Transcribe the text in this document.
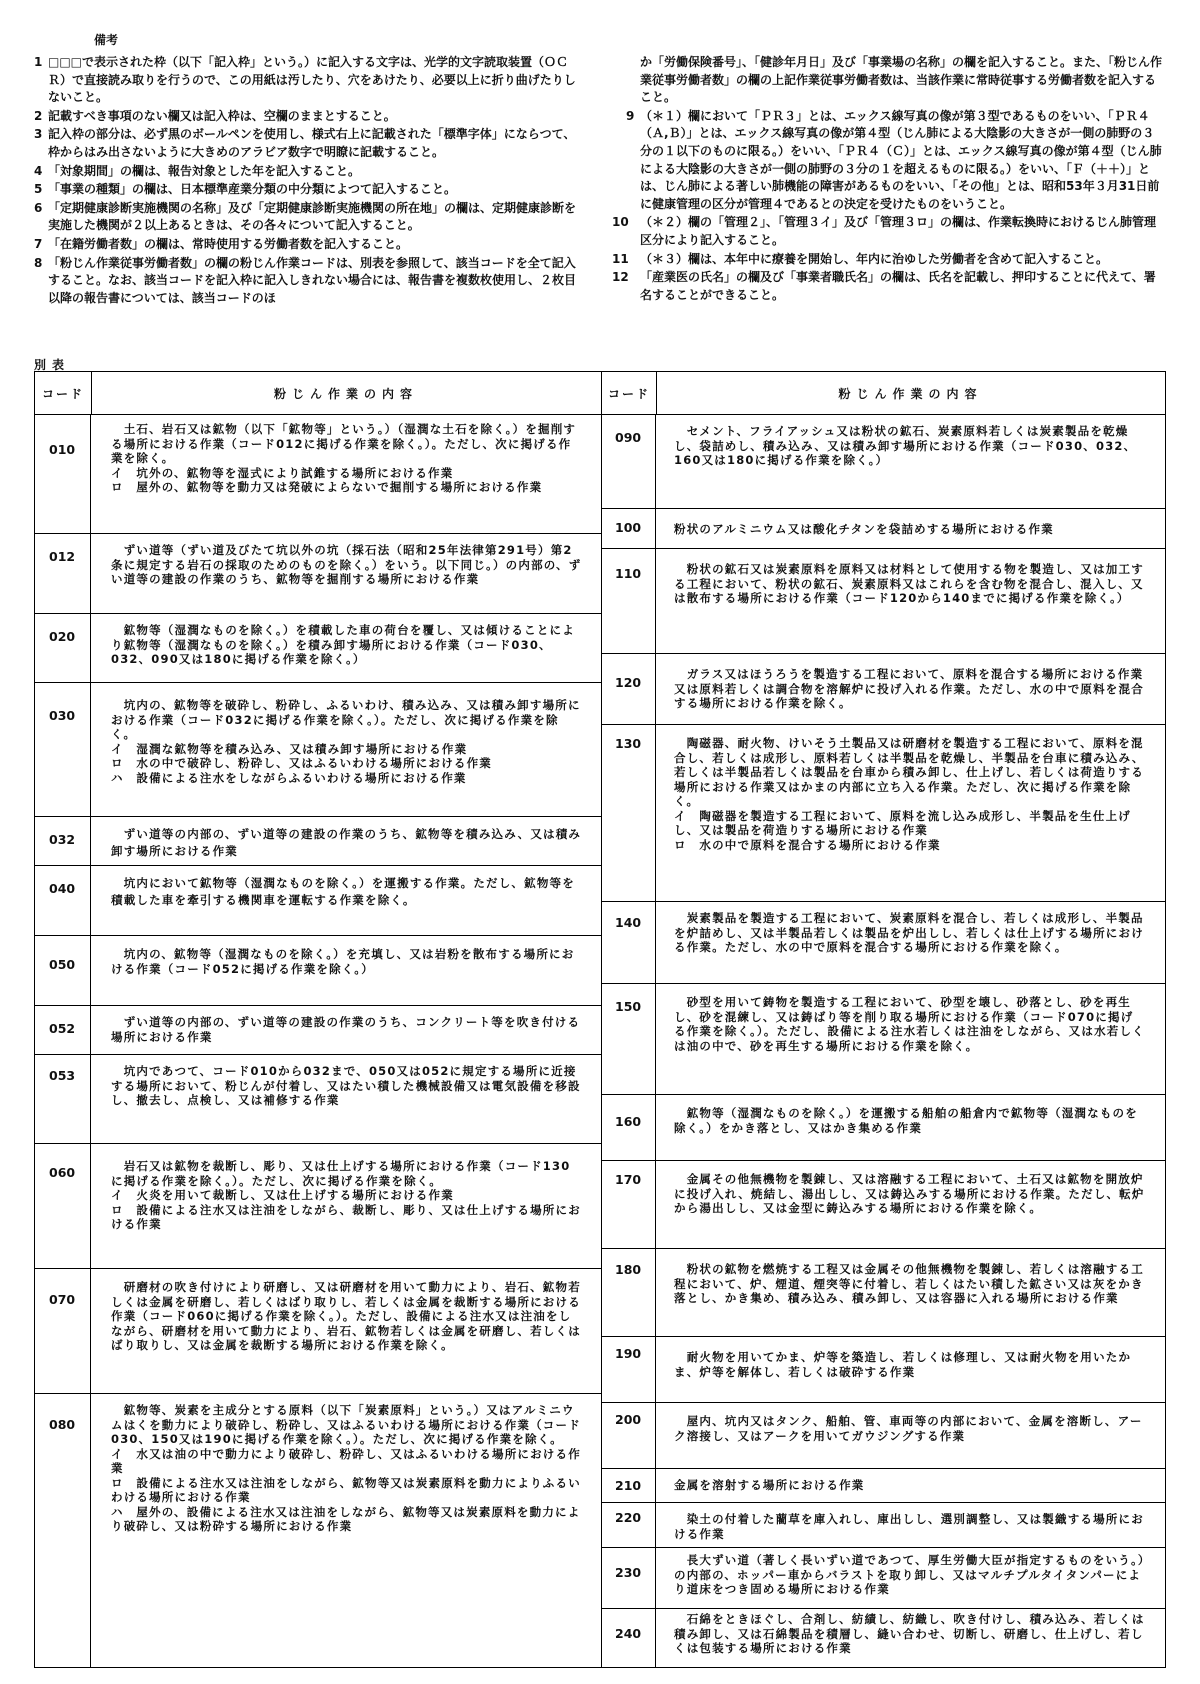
備考
1 □□□で表示された枠（以下「記入枠」という。）に記入する文字は、光学的文字読取装置（ＯＣＲ）で直接読み取りを行うので、この用紙は汚したり、穴をあけたり、必要以上に折り曲げたりしないこと。
2 記載すべき事項のない欄又は記入枠は、空欄のままとすること。
3 記入枠の部分は、必ず黒のボールペンを使用し、様式右上に記載された「標準字体」にならつて、枠からはみ出さないように大きめのアラビア数字で明瞭に記載すること。
4 「対象期間」の欄は、報告対象とした年を記入すること。
5 「事業の種類」の欄は、日本標準産業分類の中分類によつて記入すること。
6 「定期健康診断実施機関の名称」及び「定期健康診断実施機関の所在地」の欄は、定期健康診断を実施した機関が２以上あるときは、その各々について記入すること。
7 「在籍労働者数」の欄は、常時使用する労働者数を記入すること。
8 「粉じん作業従事労働者数」の欄の粉じん作業コードは、別表を参照して、該当コードを全て記入すること。なお、該当コードを記入枠に記入しきれない場合には、報告書を複数枚使用し、２枚目以降の報告書については、該当コードのほ
か「労働保険番号」、「健診年月日」及び「事業場の名称」の欄を記入すること。また、「粉じん作業従事労働者数」の欄の上記作業従事労働者数は、当該作業に常時従事する労働者数を記入すること。
9 （＊１）欄において「ＰＲ３」とは、エックス線写真の像が第３型であるものをいい、「ＰＲ４（Ａ,Ｂ）」とは、エックス線写真の像が第４型（じん肺による大陰影の大きさが一側の肺野の３分の１以下のものに限る。）をいい、「ＰＲ４（Ｃ）」とは、エックス線写真の像が第４型（じん肺による大陰影の大きさが一側の肺野の３分の１を超えるものに限る。）をいい、「Ｆ（＋＋）」とは、じん肺による著しい肺機能の障害があるものをいい、「その他」とは、昭和53年３月31日前に健康管理の区分が管理４であるとの決定を受けたものをいうこと。
10 （＊２）欄の「管理２」、「管理３イ」及び「管理３ロ」の欄は、作業転換時におけるじん肺管理区分により記入すること。
11 （＊３）欄は、本年中に療養を開始し、年内に治ゆした労働者を含めて記入すること。
12 「産業医の氏名」の欄及び「事業者職氏名」の欄は、氏名を記載し、押印することに代えて、署名することができること。
別表
コード	粉じん作業の内容
010
　土石、岩石又は鉱物（以下「鉱物等」という。）（湿潤な土石を除く。）を掘削する場所における作業（コード012に掲げる作業を除く。）。ただし、次に掲げる作業を除く。
イ　坑外の、鉱物等を湿式により試錐する場所における作業
ロ　屋外の、鉱物等を動力又は発破によらないで掘削する場所における作業
012	　ずい道等（ずい道及びたて坑以外の坑（採石法（昭和25年法律第291号）第2条に規定する岩石の採取のためのものを除く。）をいう。以下同じ。）の内部の、ずい道等の建設の作業のうち、鉱物等を掘削する場所における作業
020	　鉱物等（湿潤なものを除く。）を積載した車の荷台を覆し、又は傾けることにより鉱物等（湿潤なものを除く。）を積み卸す場所における作業（コード030、032、090又は180に掲げる作業を除く。）
030
　坑内の、鉱物等を破砕し、粉砕し、ふるいわけ、積み込み、又は積み卸す場所における作業（コード032に掲げる作業を除く。）。ただし、次に掲げる作業を除く。
イ　湿潤な鉱物等を積み込み、又は積み卸す場所における作業
ロ　水の中で破砕し、粉砕し、又はふるいわける場所における作業
ハ　設備による注水をしながらふるいわける場所における作業
032	　ずい道等の内部の、ずい道等の建設の作業のうち、鉱物等を積み込み、又は積み卸す場所における作業
040	　坑内において鉱物等（湿潤なものを除く。）を運搬する作業。ただし、鉱物等を積載した車を牽引する機関車を運転する作業を除く。
050
　坑内の、鉱物等（湿潤なものを除く。）を充填し、又は岩粉を散布する場所における作業（コード052に掲げる作業を除く。）
052	　ずい道等の内部の、ずい道等の建設の作業のうち、コンクリート等を吹き付ける場所における作業
053	　坑内であつて、コード010から032まで、050又は052に規定する場所に近接する場所において、粉じんが付着し、又はたい積した機械設備又は電気設備を移設し、撤去し、点検し、又は補修する作業
060	　岩石又は鉱物を裁断し、彫り、又は仕上げする場所における作業（コード130に掲げる作業を除く。）。ただし、次に掲げる作業を除く。
イ　火炎を用いて裁断し、又は仕上げする場所における作業
ロ　設備による注水又は注油をしながら、裁断し、彫り、又は仕上げする場所における作業
070
　研磨材の吹き付けにより研磨し、又は研磨材を用いて動力により、岩石、鉱物若しくは金属を研磨し、若しくはばり取りし、若しくは金属を裁断する場所における作業（コード060に掲げる作業を除く。）。ただし、設備による注水又は注油をしながら、研磨材を用いて動力により、岩石、鉱物若しくは金属を研磨し、若しくはばり取りし、又は金属を裁断する場所における作業を除く。
080
　鉱物等、炭素を主成分とする原料（以下「炭素原料」という。）又はアルミニウムはくを動力により破砕し、粉砕し、又はふるいわける場所における作業（コード030、150又は190に掲げる作業を除く。）。ただし、次に掲げる作業を除く。
イ　水又は油の中で動力により破砕し、粉砕し、又はふるいわける場所における作業
ロ　設備による注水又は注油をしながら、鉱物等又は炭素原料を動力によりふるいわける場所における作業
ハ　屋外の、設備による注水又は注油をしながら、鉱物等又は炭素原料を動力により破砕し、又は粉砕する場所における作業
コード	粉じん作業の内容
090	　セメント、フライアッシュ又は粉状の鉱石、炭素原料若しくは炭素製品を乾燥し、袋詰めし、積み込み、又は積み卸す場所における作業（コード030、032、160又は180に掲げる作業を除く。）
100	粉状のアルミニウム又は酸化チタンを袋詰めする場所における作業
110	　粉状の鉱石又は炭素原料を原料又は材料として使用する物を製造し、又は加工する工程において、粉状の鉱石、炭素原料又はこれらを含む物を混合し、混入し、又は散布する場所における作業（コード120から140までに掲げる作業を除く。）
120
　ガラス又はほうろうを製造する工程において、原料を混合する場所における作業又は原料若しくは調合物を溶解炉に投げ入れる作業。ただし、水の中で原料を混合する場所における作業を除く。
130	　陶磁器、耐火物、けいそう土製品又は研磨材を製造する工程において、原料を混合し、若しくは成形し、原料若しくは半製品を乾燥し、半製品を台車に積み込み、若しくは半製品若しくは製品を台車から積み卸し、仕上げし、若しくは荷造りする場所における作業又はかまの内部に立ち入る作業。ただし、次に掲げる作業を除く。
イ　陶磁器を製造する工程において、原料を流し込み成形し、半製品を生仕上げし、又は製品を荷造りする場所における作業
ロ　水の中で原料を混合する場所における作業
140	　炭素製品を製造する工程において、炭素原料を混合し、若しくは成形し、半製品を炉詰めし、又は半製品若しくは製品を炉出しし、若しくは仕上げする場所における作業。ただし、水の中で原料を混合する場所における作業を除く。
150	　砂型を用いて鋳物を製造する工程において、砂型を壊し、砂落とし、砂を再生し、砂を混練し、又は鋳ばり等を削り取る場所における作業（コード070に掲げる作業を除く。）。ただし、設備による注水若しくは注油をしながら、又は水若しくは油の中で、砂を再生する場所における作業を除く。
160
　鉱物等（湿潤なものを除く。）を運搬する船舶の船倉内で鉱物等（湿潤なものを除く。）をかき落とし、又はかき集める作業
170	　金属その他無機物を製錬し、又は溶融する工程において、土石又は鉱物を開放炉に投げ入れ、焼結し、湯出しし、又は鋳込みする場所における作業。ただし、転炉から湯出しし、又は金型に鋳込みする場所における作業を除く。
180	　粉状の鉱物を燃焼する工程又は金属その他無機物を製錬し、若しくは溶融する工程において、炉、煙道、煙突等に付着し、若しくはたい積した鉱さい又は灰をかき落とし、かき集め、積み込み、積み卸し、又は容器に入れる場所における作業
190	　耐火物を用いてかま、炉等を築造し、若しくは修理し、又は耐火物を用いたかま、炉等を解体し、若しくは破砕する作業
200	　屋内、坑内又はタンク、船舶、管、車両等の内部において、金属を溶断し、アーク溶接し、又はアークを用いてガウジングする作業
210	金属を溶射する場所における作業
220	　染土の付着した藺草を庫入れし、庫出しし、選別調整し、又は製織する場所における作業
230
　長大ずい道（著しく長いずい道であつて、厚生労働大臣が指定するものをいう。）の内部の、ホッパー車からバラストを取り卸し、又はマルチプルタイタンパーにより道床をつき固める場所における作業
240
　石綿をときほぐし、合剤し、紡績し、紡織し、吹き付けし、積み込み、若しくは積み卸し、又は石綿製品を積層し、縫い合わせ、切断し、研磨し、仕上げし、若しくは包装する場所における作業
